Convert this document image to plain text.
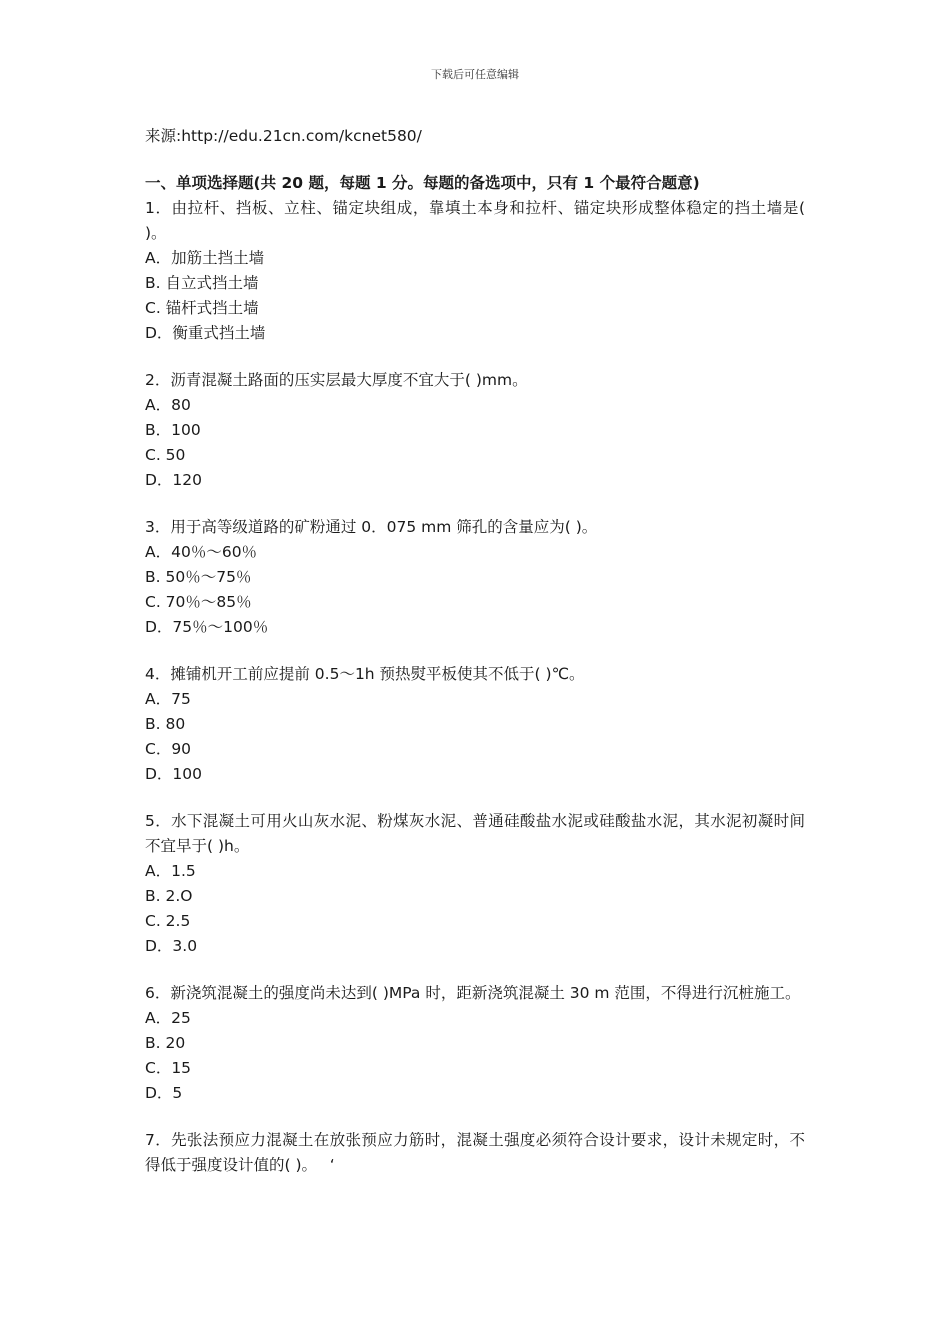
下载后可任意编辑

来源:http://edu.21cn.com/kcnet580/

一、单项选择题(共 20 题，每题 1 分。每题的备选项中，只有 1 个最符合题意)

1．由拉杆、挡板、立柱、锚定块组成，靠填土本身和拉杆、锚定块形成整体稳定的挡土墙是( )。

A．加筋土挡土墙

B. 自立式挡土墙

C. 锚杆式挡土墙

D．衡重式挡土墙

2．沥青混凝土路面的压实层最大厚度不宜大于( )mm。

A．80

B．100

C. 50

D．120

3．用于高等级道路的矿粉通过 0．075 mm 筛孔的含量应为( )。

A．40％～60％

B. 50％～75％

C. 70％～85％

D．75％～100％

4．摊铺机开工前应提前 0.5～1h 预热熨平板使其不低于( )℃。

A．75

B. 80

C．90

D．100

5．水下混凝土可用火山灰水泥、粉煤灰水泥、普通硅酸盐水泥或硅酸盐水泥，其水泥初凝时间不宜早于( )h。

A．1.5

B. 2.O

C. 2.5

D．3.0

6．新浇筑混凝土的强度尚未达到( )MPa 时，距新浇筑混凝土 30 m 范围，不得进行沉桩施工。

A．25

B. 20

C．15

D．5

7．先张法预应力混凝土在放张预应力筋时，混凝土强度必须符合设计要求，设计未规定时，不得低于强度设计值的( )。　 ‘
